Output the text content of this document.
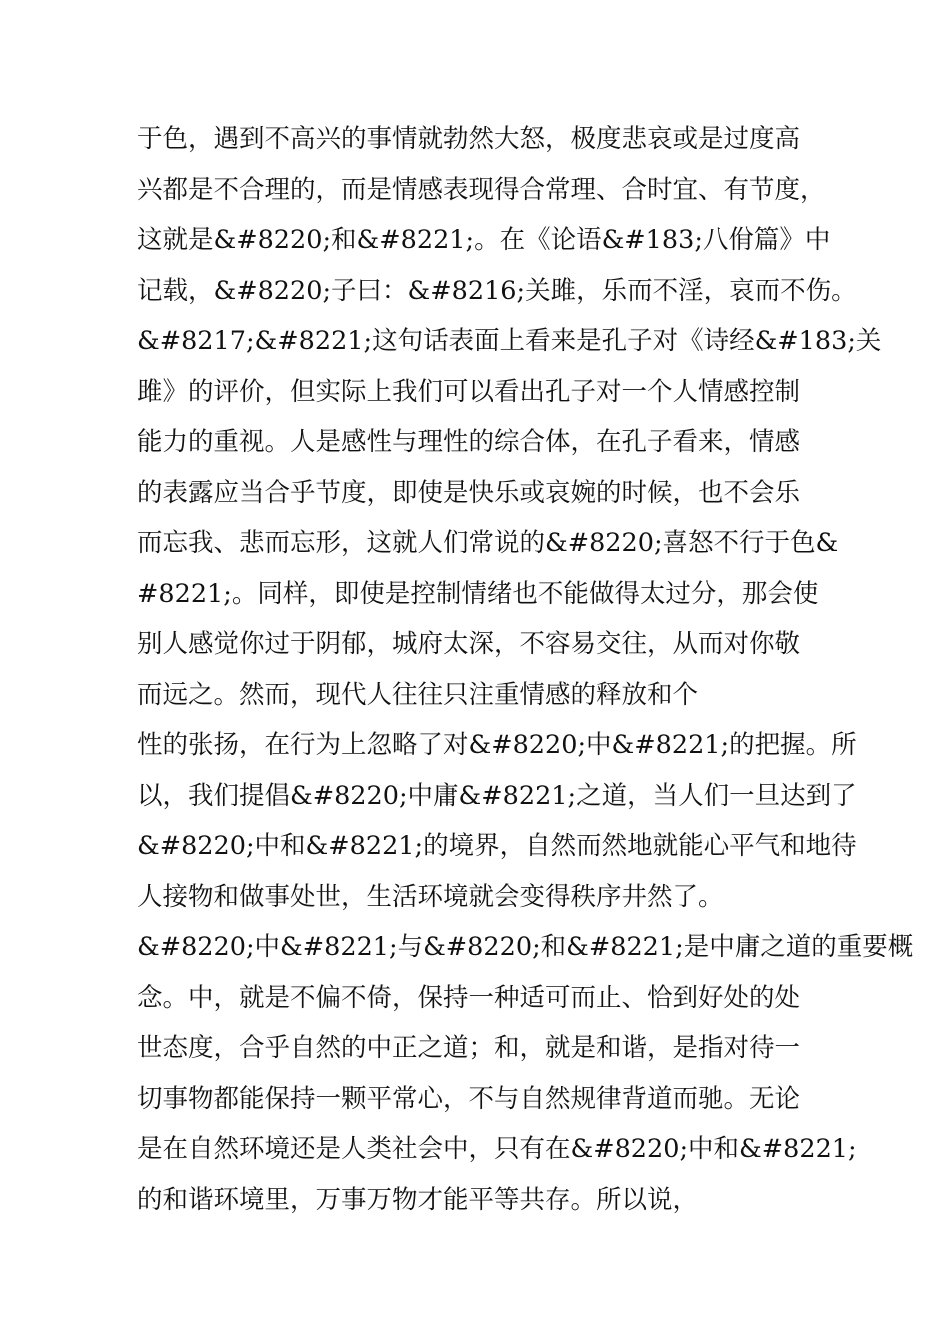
于色，遇到不高兴的事情就勃然大怒，极度悲哀或是过度高
兴都是不合理的，而是情感表现得合常理、合时宜、有节度，
这就是&#8220;和&#8221;。在《论语&#183;八佾篇》中
记载，&#8220;子曰：&#8216;关雎，乐而不淫，哀而不伤。
&#8217;&#8221;这句话表面上看来是孔子对《诗经&#183;关
雎》的评价，但实际上我们可以看出孔子对一个人情感控制
能力的重视。人是感性与理性的综合体，在孔子看来，情感
的表露应当合乎节度，即使是快乐或哀婉的时候，也不会乐
而忘我、悲而忘形，这就人们常说的&#8220;喜怒不行于色&
#8221;。同样，即使是控制情绪也不能做得太过分，那会使
别人感觉你过于阴郁，城府太深，不容易交往，从而对你敬
而远之。然而，现代人往往只注重情感的释放和个
性的张扬，在行为上忽略了对&#8220;中&#8221;的把握。所
以，我们提倡&#8220;中庸&#8221;之道，当人们一旦达到了
&#8220;中和&#8221;的境界，自然而然地就能心平气和地待
人接物和做事处世，生活环境就会变得秩序井然了。
&#8220;中&#8221;与&#8220;和&#8221;是中庸之道的重要概
念。中，就是不偏不倚，保持一种适可而止、恰到好处的处
世态度，合乎自然的中正之道；和，就是和谐，是指对待一
切事物都能保持一颗平常心，不与自然规律背道而驰。无论
是在自然环境还是人类社会中，只有在&#8220;中和&#8221;
的和谐环境里，万事万物才能平等共存。所以说，
